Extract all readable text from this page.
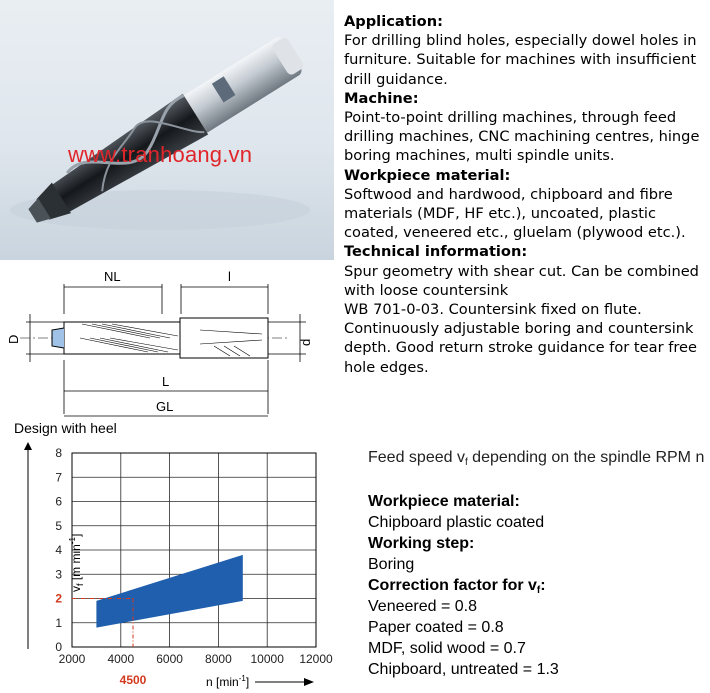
www.tranhoang.vn
Application:
For drilling blind holes, especially dowel holes in furniture. Suitable for machines with insufficient drill guidance.
Machine:
Point-to-point drilling machines, through feed drilling machines, CNC machining centres, hinge boring machines, multi spindle units.
Workpiece material:
Softwood and hardwood, chipboard and fibre materials (MDF, HF etc.), uncoated, plastic coated, veneered etc., gluelam (plywood etc.).
Technical information:
Spur geometry with shear cut. Can be combined with loose countersink
WB 701-0-03. Countersink fixed on flute.
Continuously adjustable boring and countersink depth. Good return stroke guidance for tear free hole edges.
NL	l
D	d
L
GL
Design with heel
0
1
2
3
4
5
6
7
8
2000 4000 6000 8000 10000 12000
4500
$v_f$ [m $\min^{-1}$]
n $[\min^{-1}]$
Feed speed $v_f$ depending on the spindle RPM n
Workpiece material:
Chipboard plastic coated
Working step:
Boring
Correction factor for $v_f$:
Veneered = 0.8
Paper coated = 0.8
MDF, solid wood = 0.7
Chipboard, untreated = 1.3
